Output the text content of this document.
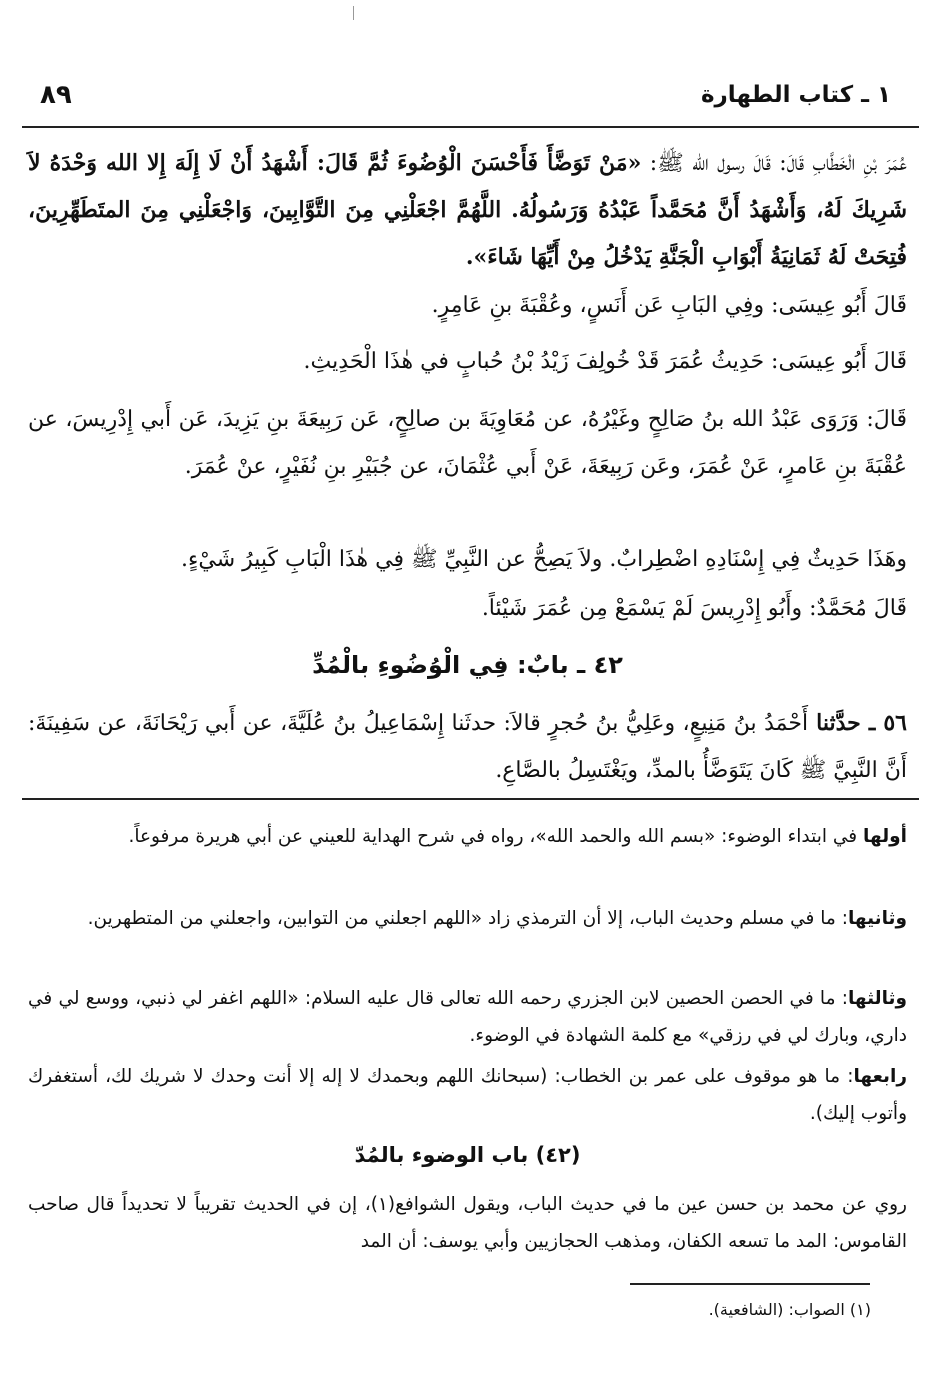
١ ـ كتاب الطهارة
٨٩

عُمَرَ بْنِ الْخَطَّابِ قَالَ: قَالَ رسول الله ﷺ: «مَنْ تَوَضَّأَ فَأَحْسَنَ الْوُضُوءَ ثُمَّ قَالَ: أَشْهَدُ أَنْ لَا إِلَهَ إِلا الله وَحْدَهُ لاَ شَرِيكَ لَهُ، وَأَشْهَدُ أَنَّ مُحَمَّداً عَبْدُهُ وَرَسُولُهُ. اللَّهُمَّ اجْعَلْنِي مِنَ التَّوَّابِينَ، وَاجْعَلْنِي مِنَ المتَطَهِّرِينَ، فُتِحَتْ لَهُ ثَمَانِيَةُ أَبْوَابِ الْجَنَّةِ يَدْخُلُ مِنْ أَيِّهَا شَاءَ».

قَالَ أَبُو عِيسَى: وفِي البَابِ عَن أَنَسٍ، وعُقْبَةَ بنِ عَامِرٍ.

قَالَ أَبُو عِيسَى: حَدِيثُ عُمَرَ قَدْ خُولِفَ زَيْدُ بْنُ حُبابٍ في هٰذَا الْحَدِيثِ.

قَالَ: وَرَوَى عَبْدُ الله بنُ صَالِحٍ وغَيْرُهُ، عن مُعَاوِيَةَ بن صالِحٍ، عَن رَبِيعَةَ بنِ يَزِيدَ، عَن أَبي إِدْرِيسَ، عن عُقْبَةَ بنِ عَامرٍ، عَنْ عُمَرَ، وعَن رَبِيعَةَ، عَنْ أَبي عُثْمَانَ، عن جُبَيْرِ بنِ نُفَيْرٍ، عنْ عُمَرَ.

وهَذَا حَدِيثٌ فِي إِسْنَادِهِ اضْطِرابٌ. ولاَ يَصِحُّ عن النَّبِيِّ ﷺ فِي هٰذَا الْبَابِ كَبِيرُ شَيْءٍ.

قَالَ مُحَمَّدٌ: وأَبُو إِدْرِيسَ لَمْ يَسْمَعْ مِن عُمَرَ شَيْئاً.

٤٢ ـ بابٌ: فِي الْوُضُوءِ بالْمُدِّ

٥٦ ـ حدَّثنا أَحْمَدُ بنُ مَنِيعٍ، وعَلِيُّ بنُ حُجرٍ قالاَ: حدثَنا إِسْمَاعِيلُ بنُ عُلَيَّةَ، عن أَبي رَيْحَانَةَ، عن سَفِينَةَ: أَنَّ النَّبِيَّ ﷺ كَانَ يَتَوَضَّأُ بالمدِّ، ويَغْتَسِلُ بالصَّاعِ.

أولها في ابتداء الوضوء: «بسم الله والحمد الله»، رواه في شرح الهداية للعيني عن أبي هريرة مرفوعاً.

وثانيها: ما في مسلم وحديث الباب، إلا أن الترمذي زاد «اللهم اجعلني من التوابين، واجعلني من المتطهرين.

وثالثها: ما في الحصن الحصين لابن الجزري رحمه الله تعالى قال عليه السلام: «اللهم اغفر لي ذنبي، ووسع لي في داري، وبارك لي في رزقي» مع كلمة الشهادة في الوضوء.

رابعها: ما هو موقوف على عمر بن الخطاب: (سبحانك اللهم وبحمدك لا إله إلا أنت وحدك لا شريك لك، أستغفرك وأتوب إليك).

(٤٢) باب الوضوء بالمُدّ

روي عن محمد بن حسن عين ما في حديث الباب، ويقول الشوافع(١)، إن في الحديث تقريباً لا تحديداً قال صاحب القاموس: المد ما تسعه الكفان، ومذهب الحجازيين وأبي يوسف: أن المد

(١) الصواب: (الشافعية).
